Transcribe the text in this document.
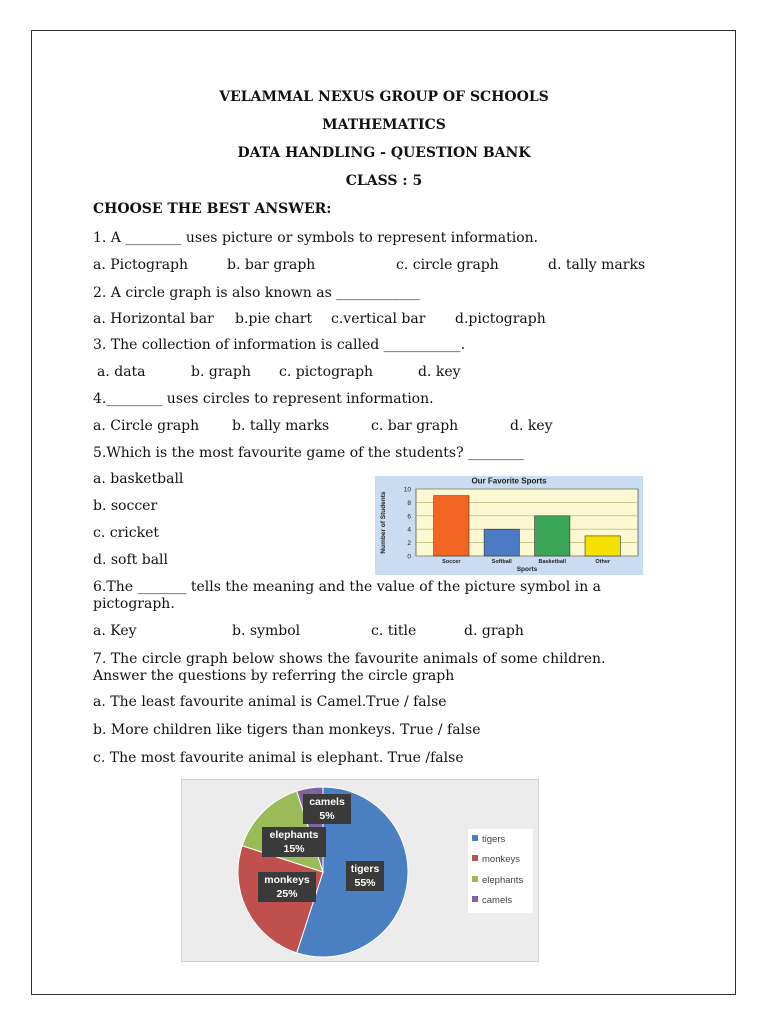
VELAMMAL NEXUS GROUP OF SCHOOLS
MATHEMATICS
DATA HANDLING - QUESTION BANK
CLASS : 5
CHOOSE THE BEST ANSWER:
1. A ________ uses picture or symbols to represent information.
a. Pictograph	b. bar graph	c. circle graph	d. tally marks
2. A circle graph is also known as ____________
a. Horizontal bar b.pie chart c.vertical bar d.pictograph
3. The collection of information is called ___________.
a. data	b. graph c. pictograph	d. key
4.________ uses circles to represent information.
a. Circle graph b. tally marks	c. bar graph	d. key
5.Which is the most favourite game of the students? ________
a. basketball
b. soccer
c. cricket
d. soft ball
Our Favorite Sports
0
2
4
6
8
10
Number of Students
Soccer	Softball	Basketball	Other
Sports
6.The _______ tells the meaning and the value of the picture symbol in a
pictograph.
a. Key	b. symbol	c. title	d. graph
7. The circle graph below shows the favourite animals of some children.
Answer the questions by referring the circle graph
a. The least favourite animal is Camel.True / false
b. More children like tigers than monkeys. True / false
c. The most favourite animal is elephant. True /false
camels
5%
elephants
15%
monkeys
25%
tigers
55%
tigers
monkeys
elephants
camels
